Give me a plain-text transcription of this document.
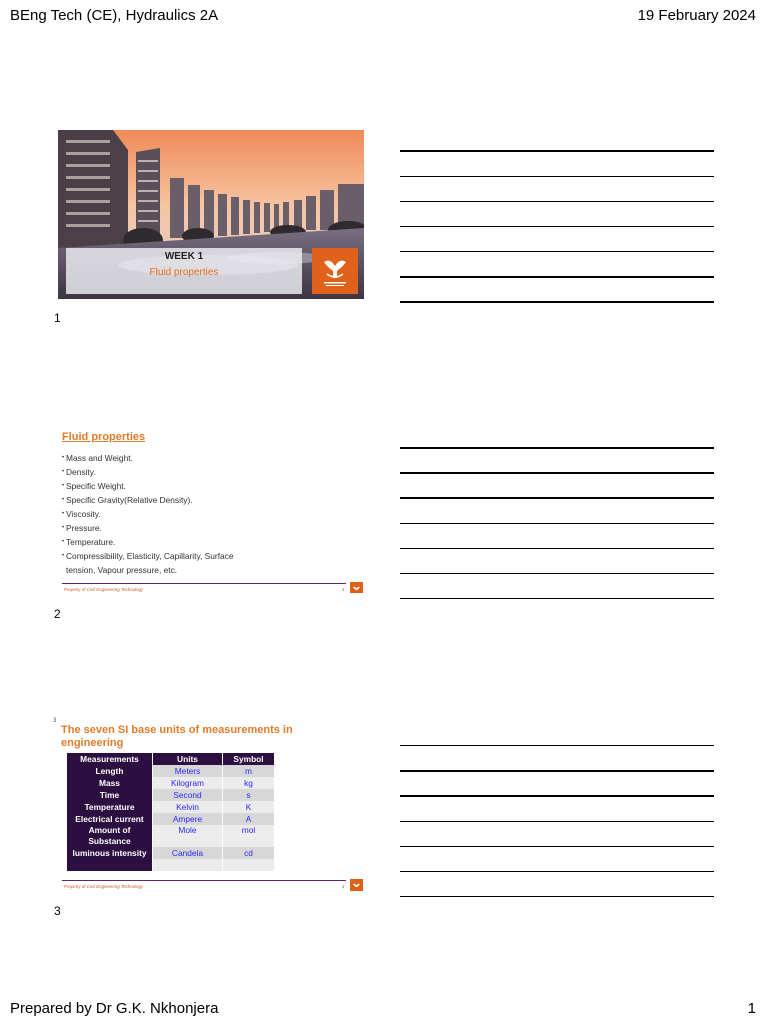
BEng Tech (CE), Hydraulics 2A	19 February 2024
Prepared by Dr G.K. Nkhonjera	1
WEEK 1
Fluid properties
1
Fluid properties
• Mass and Weight.
• Density.
• Specific Weight.
• Specific Gravity(Relative Density).
• Viscosity.
• Pressure.
• Temperature.
• Compressibility, Elasticity, Capillarity, Surface
tension, Vapour pressure, etc.
Property of Civil Engineering Technology	1
2
3
The seven SI base units of measurements in engineering
Measurements	Units	Symbol
Length	Meters	m
Mass	Kilogram	kg
Time	Second	s
Temperature	Kelvin	K
Electrical current	Ampere	A
Amount of Substance	Mole	mol
luminous intensity	Candela	cd

Property of Civil Engineering Technology	1
3
